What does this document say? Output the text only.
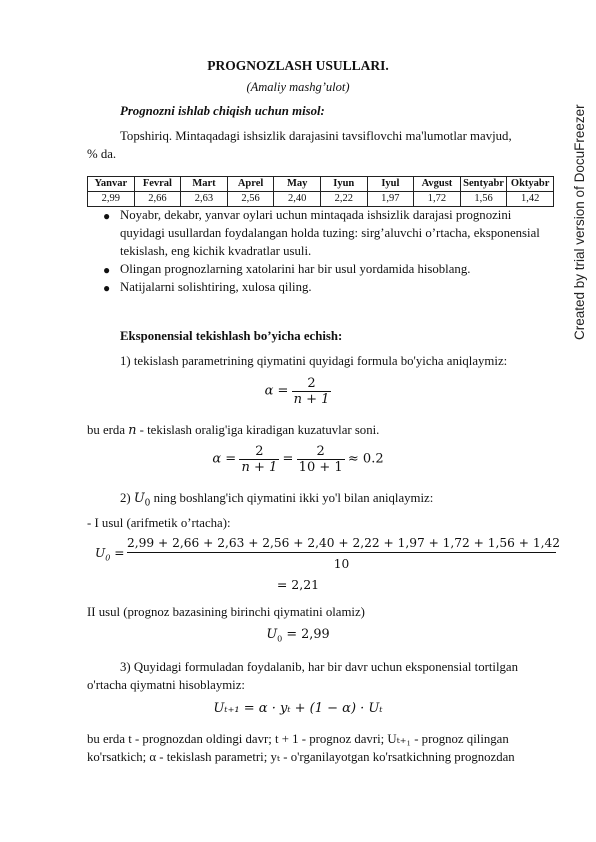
PROGNOZLASH USULLARI.
(Amaliy mashg’ulot)
Prognozni ishlab chiqish uchun misol:
Topshiriq. Mintaqadagi ishsizlik darajasini tavsiflovchi ma'lumotlar mavjud,
% da.
Yanvar	Fevral	Mart	Aprel	May	Iyun	Iyul	Avgust	Sentyabr	Oktyabr
2,99	2,66	2,63	2,56	2,40	2,22	1,97	1,72	1,56	1,42
● Noyabr, dekabr, yanvar oylari uchun mintaqada ishsizlik darajasi prognozini quyidagi usullardan foydalangan holda tuzing: sirg’aluvchi o’rtacha, eksponensial tekislash, eng kichik kvadratlar usuli.
● Olingan prognozlarning xatolarini har bir usul yordamida hisoblang.
● Natijalarni solishtiring, xulosa qiling.
Eksponensial tekishlash bo’yicha echish:
1) tekislash parametrining qiymatini quyidagi formula bo'yicha aniqlaymiz:
$\alpha = \frac{2}{n + 1}$
bu erda n - tekislash oralig'iga kiradigan kuzatuvlar soni.
$\alpha = \frac{2}{n + 1} = \frac{2}{10 + 1} \approx 0.2$
2) $U_0$ ning boshlang'ich qiymatini ikki yo'l bilan aniqlaymiz:
- I usul (arifmetik o’rtacha):
$U_0$ =
2,99 + 2,66 + 2,63 + 2,56 + 2,40 + 2,22 + 1,97 + 1,72 + 1,56 + 1,42
10
= 2,21
II usul (prognoz bazasining birinchi qiymatini olamiz)
$U_0 = 2,99$
3) Quyidagi formuladan foydalanib, har bir davr uchun eksponensial tortilgan
o'rtacha qiymatni hisoblaymiz:
Uₜ₊₁ = α · yₜ + (1 − α) · Uₜ
bu erda t - prognozdan oldingi davr; t + 1 - prognoz davri; Uₜ₊₁ - prognoz qilingan
ko'rsatkich; α - tekislash parametri; yₜ - o'rganilayotgan ko'rsatkichning prognozdan
Created by trial version of DocuFreezer
